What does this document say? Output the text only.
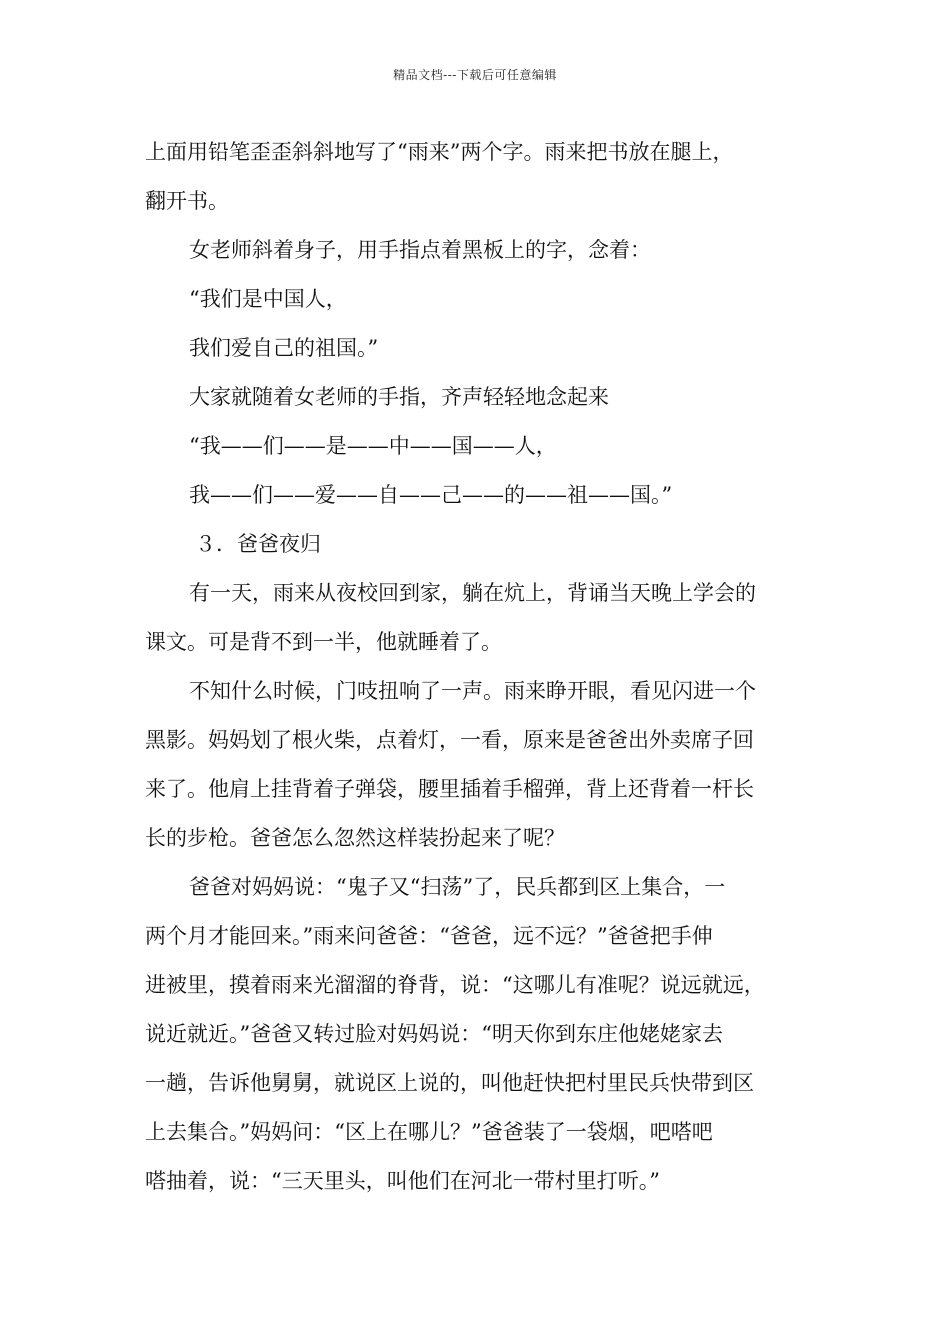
精品文档---下载后可任意编辑
上面用铅笔歪歪斜斜地写了“雨来”两个字。雨来把书放在腿上，
翻开书。
女老师斜着身子，用手指点着黑板上的字，念着：
“我们是中国人，
我们爱自己的祖国。”
大家就随着女老师的手指，齐声轻轻地念起来
“我——们——是——中——国——人，
我——们——爱——自——己——的——祖——国。”
３．爸爸夜归
有一天，雨来从夜校回到家，躺在炕上，背诵当天晚上学会的
课文。可是背不到一半，他就睡着了。
不知什么时候，门吱扭响了一声。雨来睁开眼，看见闪进一个
黑影。妈妈划了根火柴，点着灯，一看，原来是爸爸出外卖席子回
来了。他肩上挂背着子弹袋，腰里插着手榴弹，背上还背着一杆长
长的步枪。爸爸怎么忽然这样装扮起来了呢？
爸爸对妈妈说：“鬼子又“扫荡”了，民兵都到区上集合，一
两个月才能回来。”雨来问爸爸：“爸爸，远不远？”爸爸把手伸
进被里，摸着雨来光溜溜的脊背，说：“这哪儿有准呢？说远就远，
说近就近。”爸爸又转过脸对妈妈说：“明天你到东庄他姥姥家去
一趟，告诉他舅舅，就说区上说的，叫他赶快把村里民兵快带到区
上去集合。”妈妈问：“区上在哪儿？”爸爸装了一袋烟，吧嗒吧
嗒抽着，说：“三天里头，叫他们在河北一带村里打听。”
